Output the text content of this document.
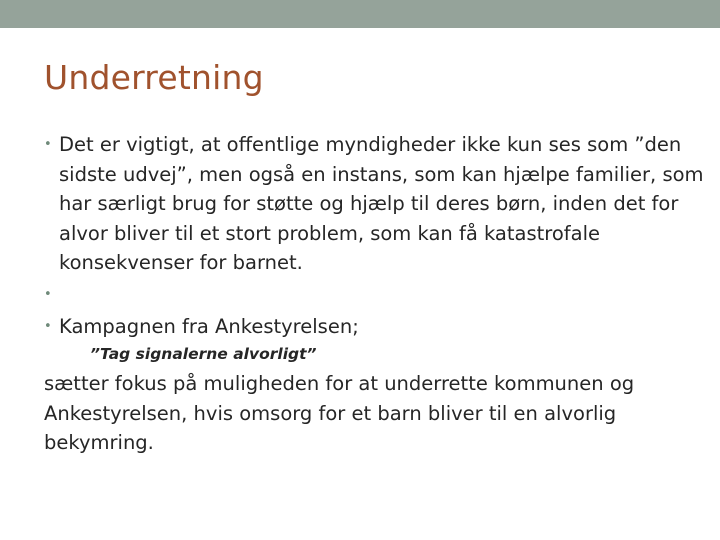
Underretning

• Det er vigtigt, at offentlige myndigheder ikke kun ses som ”den sidste udvej”, men også en instans, som kan hjælpe familier, som har særligt brug for støtte og hjælp til deres børn, inden det for alvor bliver til et stort problem, som kan få katastrofale konsekvenser for barnet.

•

• Kampagnen fra Ankestyrelsen;

”Tag signalerne alvorligt”

sætter fokus på muligheden for at underrette kommunen og Ankestyrelsen, hvis omsorg for et barn bliver til en alvorlig bekymring.
